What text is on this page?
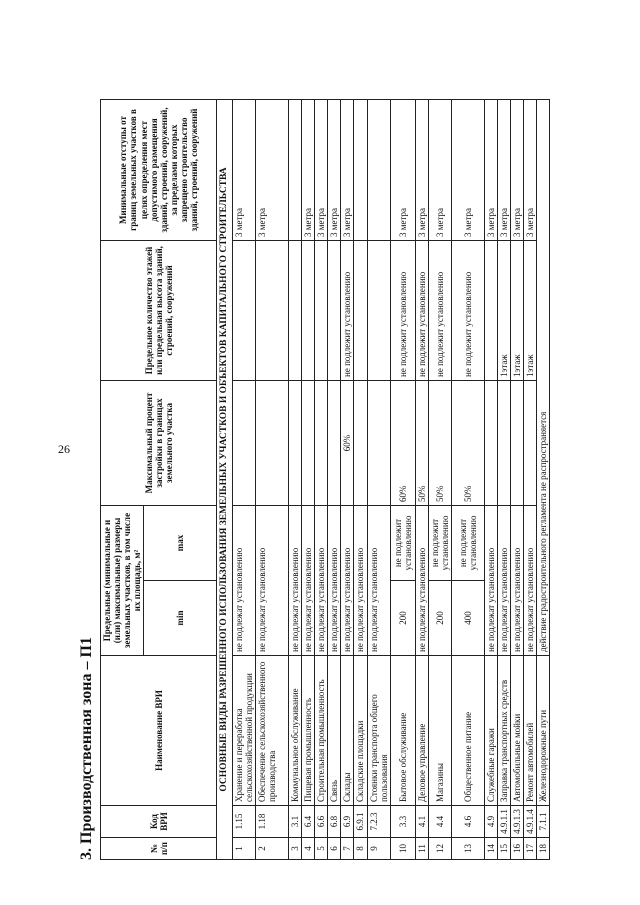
26
3. Производственная зона – П1	№ п/п	Код ВРИ	Наименование ВРИ	Предельные (минимальные и (или) максимальные) размеры земельных участков, в том числе их площадь, м²		Максимальный процент застройки в границах земельного участка	Предельное количество этажей или предельная высота зданий, строений, сооружений	Минимальные отступы от границ земельных участков в целях определения мест допустимого размещения зданий, строений, сооружений, за пределами которых запрещено строительство зданий, строений, сооружений
			min	max			
ОСНОВНЫЕ ВИДЫ РАЗРЕШЕННОГО ИСПОЛЬЗОВАНИЯ ЗЕМЕЛЬНЫХ УЧАСТКОВ И ОБЪЕКТОВ КАПИТАЛЬНОГО СТРОИТЕЛЬСТВА							
1	1.15	Хранение и переработка сельскохозяйственной продукции	не подлежат установлению				3 метра
2	1.18	Обеспечение сельскохозяйственного производства	не подлежат установлению				3 метра
3	3.1	Коммунальное обслуживание	не подлежат установлению				
4	6.4	Пищевая промышленность	не подлежат установлению				3 метра
5	6.6	Строительная промышленность	не подлежат установлению				3 метра
6	6.8	Связь	не подлежат установлению				3 метра
7	6.9	Склады	не подлежат установлению		60%	не подлежит установлению	3 метра
8	6.9.1	Складские площадки	не подлежат установлению				
9	7.2.3	Стоянки транспорта общего пользования	не подлежат установлению				
10	3.3	Бытовое обслуживание	200	не подлежит установлению	60%	не подлежит установлению	3 метра
11	4.1	Деловое управление	не подлежат установлению		50%	не подлежит установлению	3 метра
12	4.4	Магазины	200	не подлежит установлению	50%	не подлежит установлению	3 метра
13	4.6	Общественное питание	400	не подлежит установлению	50%	не подлежит установлению	3 метра
14	4.9	Служебные гаражи	не подлежат установлению				3 метра
15	4.9.1.1	Заправка транспортных средств	не подлежат установлению			1этаж	3 метра
16	4.9.1.3	Автомобильные мойки	не подлежат установлению			1этаж	3 метра
17	4.9.1.4	Ремонт автомобилей	не подлежат установлению			1этаж	3 метра
18	7.1.1	Железнодорожные пути	действие градостроительного регламента не распространяется				
